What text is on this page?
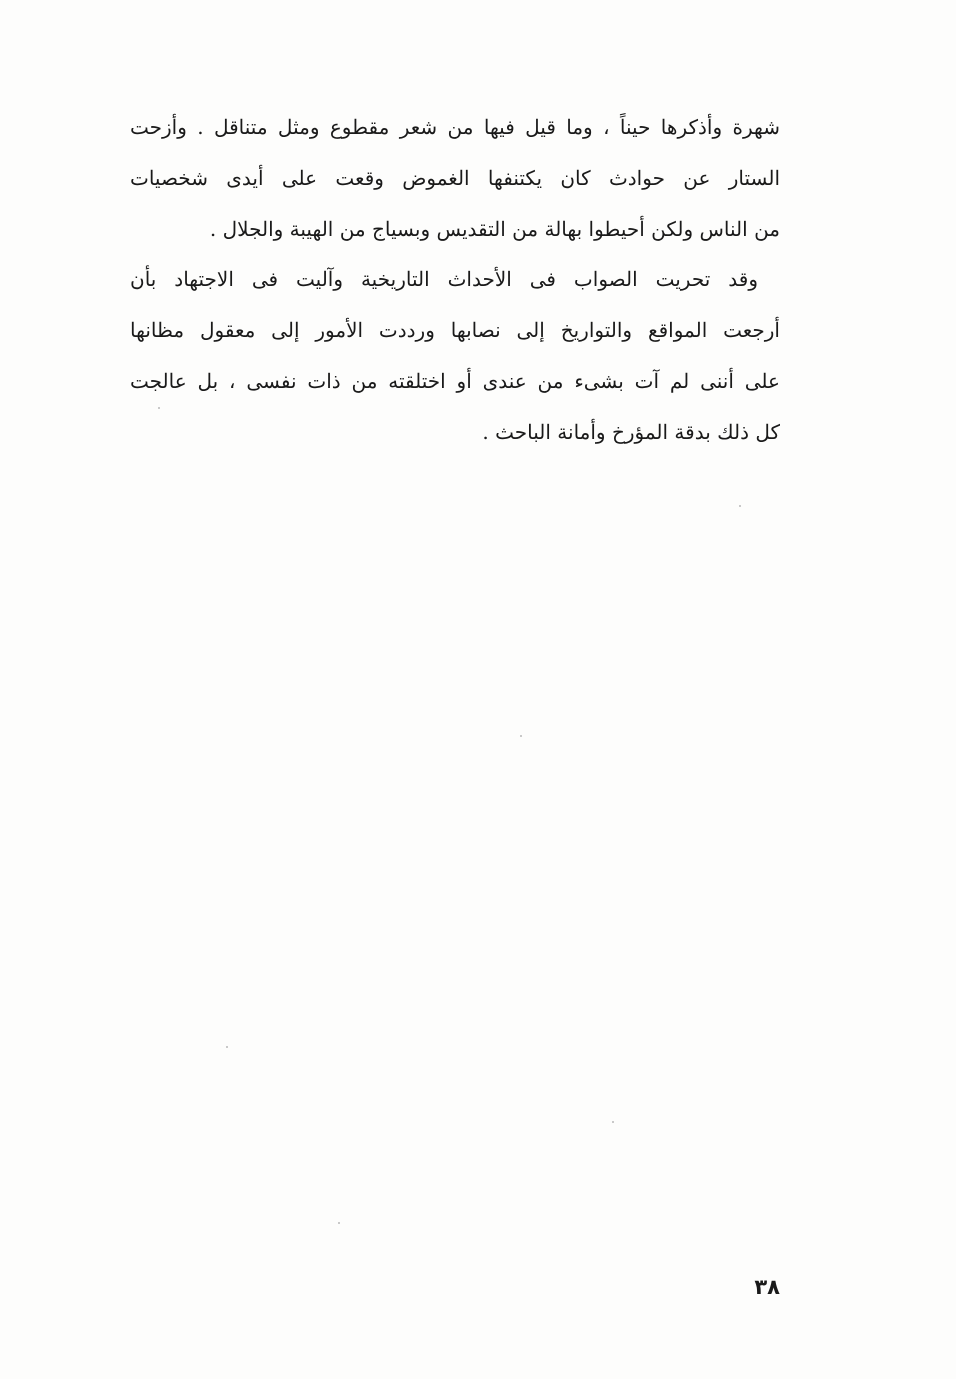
شهرة وأذكرها حيناً ، وما قيل فيها من شعر مقطوع ومثل متناقل . وأزحت
الستار عن حوادث كان يكتنفها الغموض وقعت على أيدى شخصيات
من الناس ولكن أحيطوا بهالة من التقديس وبسياج من الهيبة والجلال .
وقد تحريت الصواب فى الأحداث التاريخية وآليت فى الاجتهاد بأن
أرجعت المواقع والتواريخ إلى نصابها ورددت الأمور إلى معقول مظانها
على أننى لم آت بشىء من عندى أو اختلقته من ذات نفسى ، بل عالجت
كل ذلك بدقة المؤرخ وأمانة الباحث .
٣٨
